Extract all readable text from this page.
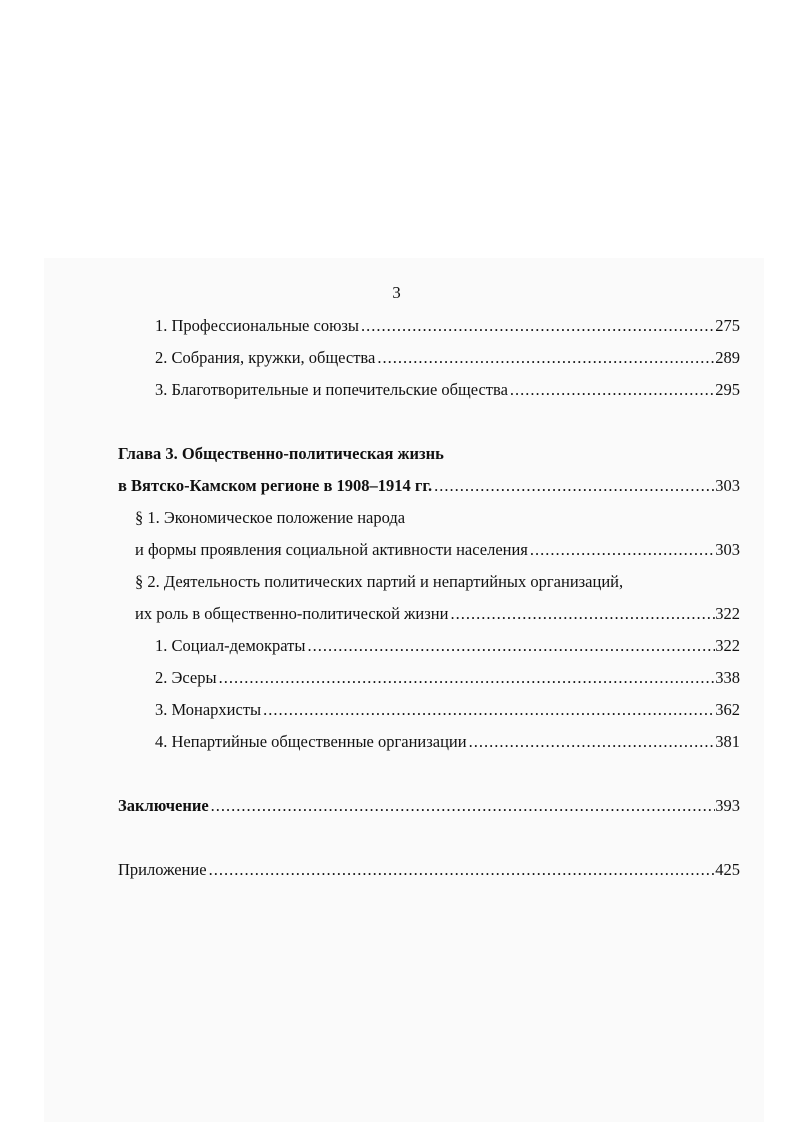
3
1. Профессиональные союзы .....	275
2. Собрания, кружки, общества .....	289
3. Благотворительные и попечительские общества .....	295
Глава 3. Общественно-политическая жизнь
в Вятско-Камском регионе в 1908–1914 гг. .....	303
§ 1. Экономическое положение народа
и формы проявления социальной активности населения .....	303
§ 2. Деятельность политических партий и непартийных организаций,
их роль в общественно-политической жизни .....	322
1. Социал-демократы .....	322
2. Эсеры .....	338
3. Монархисты .....	362
4. Непартийные общественные организации .....	381
Заключение .....	393
Приложение .....	425
